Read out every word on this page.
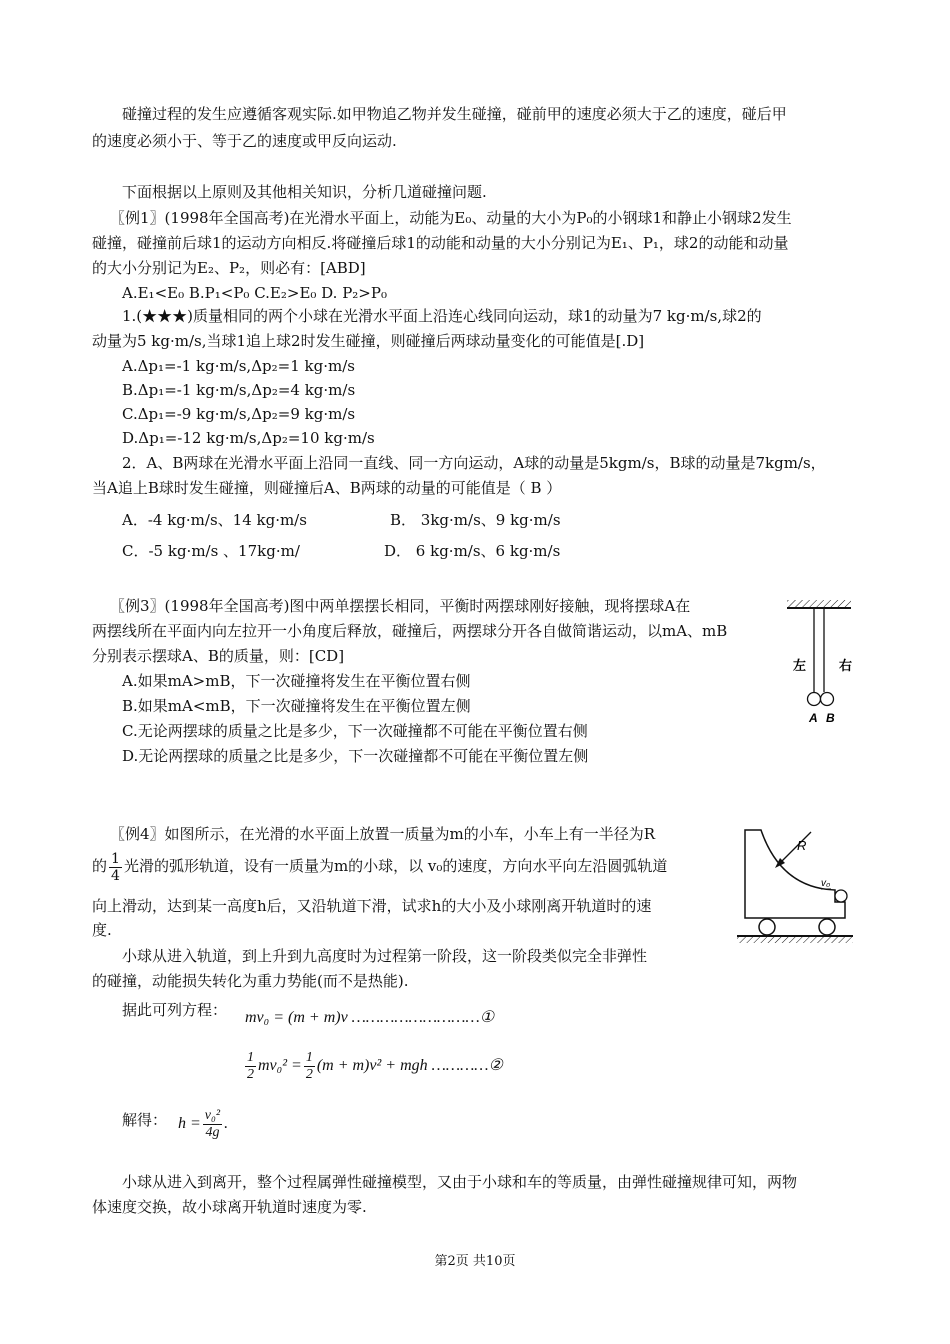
碰撞过程的发生应遵循客观实际.如甲物追乙物并发生碰撞，碰前甲的速度必须大于乙的速度，碰后甲
的速度必须小于、等于乙的速度或甲反向运动.
下面根据以上原则及其他相关知识，分析几道碰撞问题.
〖例1〗(1998年全国高考)在光滑水平面上，动能为E₀、动量的大小为P₀的小钢球1和静止小钢球2发生
碰撞，碰撞前后球1的运动方向相反.将碰撞后球1的动能和动量的大小分别记为E₁、P₁，球2的动能和动量
的大小分别记为E₂、P₂，则必有：[ABD]
A.E₁<E₀ B.P₁<P₀ C.E₂>E₀ D. P₂>P₀
1.(★★★)质量相同的两个小球在光滑水平面上沿连心线同向运动，球1的动量为7 kg·m/s,球2的
动量为5 kg·m/s,当球1追上球2时发生碰撞，则碰撞后两球动量变化的可能值是[.D]
A.Δp₁=-1 kg·m/s,Δp₂=1 kg·m/s
B.Δp₁=-1 kg·m/s,Δp₂=4 kg·m/s
C.Δp₁=-9 kg·m/s,Δp₂=9 kg·m/s
D.Δp₁=-12 kg·m/s,Δp₂=10 kg·m/s
2．A、B两球在光滑水平面上沿同一直线、同一方向运动，A球的动量是5kgm/s，B球的动量是7kgm/s，
当A追上B球时发生碰撞，则碰撞后A、B两球的动量的可能值是（ B ）
A．-4 kg·m/s、14 kg·m/s	B． 3kg·m/s、9 kg·m/s
C．-5 kg·m/s 、17kg·m/	D． 6 kg·m/s、6 kg·m/s
〖例3〗(1998年全国高考)图中两单摆摆长相同，平衡时两摆球刚好接触，现将摆球A在
两摆线所在平面内向左拉开一小角度后释放，碰撞后，两摆球分开各自做简谐运动，以mA、mB
分别表示摆球A、B的质量，则：[CD]
A.如果mA>mB，下一次碰撞将发生在平衡位置右侧
B.如果mA<mB，下一次碰撞将发生在平衡位置左侧
C.无论两摆球的质量之比是多少，下一次碰撞都不可能在平衡位置右侧
D.无论两摆球的质量之比是多少，下一次碰撞都不可能在平衡位置左侧
左	右
A B
〖例4〗如图所示，在光滑的水平面上放置一质量为m的小车，小车上有一半径为R
的 $\frac{1}{4}$ 光滑的弧形轨道，设有一质量为m的小球，以 v₀的速度，方向水平向左沿圆弧轨道
向上滑动，达到某一高度h后，又沿轨道下滑，试求h的大小及小球刚离开轨道时的速
度.
R
v₀
小球从进入轨道，到上升到九高度时为过程第一阶段，这一阶段类似完全非弹性
的碰撞，动能损失转化为重力势能(而不是热能).
据此可列方程： mv₀ = (m + m)v ………………………①
$\frac{1}{2} mv_0^2 = \frac{1}{2} (m + m)v^2$ + mgh …………②
解得： $h = \frac{\text{v₀²}}{4g}$ .
小球从进入到离开，整个过程属弹性碰撞模型，又由于小球和车的等质量，由弹性碰撞规律可知，两物
体速度交换，故小球离开轨道时速度为零.
第2页 共10页
